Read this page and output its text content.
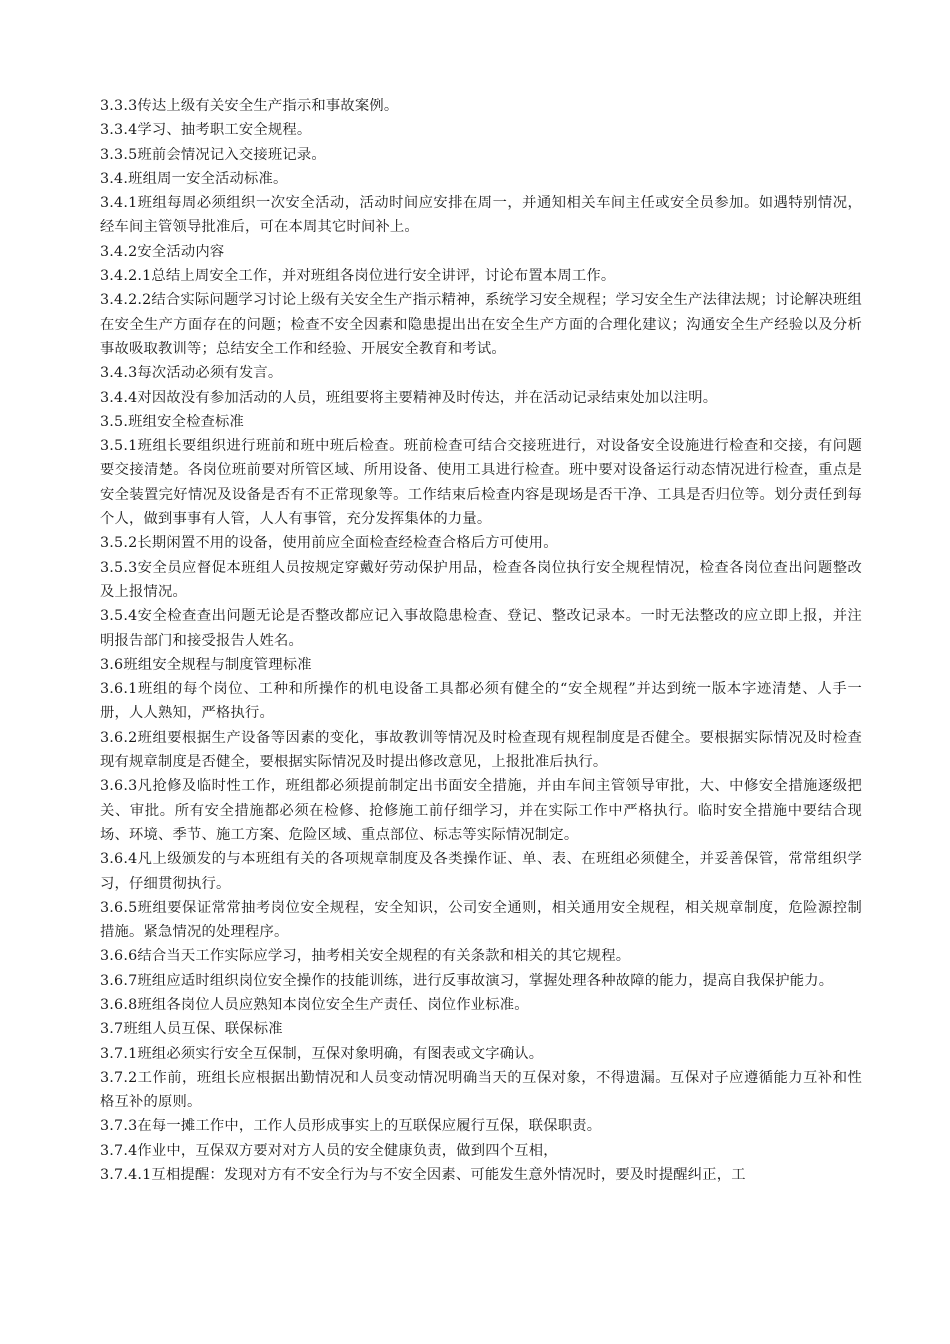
3.3.3传达上级有关安全生产指示和事故案例。

3.3.4学习、抽考职工安全规程。

3.3.5班前会情况记入交接班记录。

3.4.班组周一安全活动标准。

3.4.1班组每周必须组织一次安全活动，活动时间应安排在周一，并通知相关车间主任或安全员参加。如遇特别情况，经车间主管领导批准后，可在本周其它时间补上。

3.4.2安全活动内容

3.4.2.1总结上周安全工作，并对班组各岗位进行安全讲评，讨论布置本周工作。

3.4.2.2结合实际问题学习讨论上级有关安全生产指示精神，系统学习安全规程；学习安全生产法律法规；讨论解决班组在安全生产方面存在的问题；检查不安全因素和隐患提出出在安全生产方面的合理化建议；沟通安全生产经验以及分析事故吸取教训等；总结安全工作和经验、开展安全教育和考试。

3.4.3每次活动必须有发言。

3.4.4对因故没有参加活动的人员，班组要将主要精神及时传达，并在活动记录结束处加以注明。

3.5.班组安全检查标准

3.5.1班组长要组织进行班前和班中班后检查。班前检查可结合交接班进行，对设备安全设施进行检查和交接，有问题要交接清楚。各岗位班前要对所管区域、所用设备、使用工具进行检查。班中要对设备运行动态情况进行检查，重点是安全装置完好情况及设备是否有不正常现象等。工作结束后检查内容是现场是否干净、工具是否归位等。划分责任到每个人，做到事事有人管，人人有事管，充分发挥集体的力量。

3.5.2长期闲置不用的设备，使用前应全面检查经检查合格后方可使用。

3.5.3安全员应督促本班组人员按规定穿戴好劳动保护用品，检查各岗位执行安全规程情况，检查各岗位查出问题整改及上报情况。

3.5.4安全检查查出问题无论是否整改都应记入事故隐患检查、登记、整改记录本。一时无法整改的应立即上报，并注明报告部门和接受报告人姓名。

3.6班组安全规程与制度管理标准

3.6.1班组的每个岗位、工种和所操作的机电设备工具都必须有健全的“安全规程”并达到统一版本字迹清楚、人手一册，人人熟知，严格执行。

3.6.2班组要根据生产设备等因素的变化，事故教训等情况及时检查现有规程制度是否健全。要根据实际情况及时检查现有规章制度是否健全，要根据实际情况及时提出修改意见，上报批准后执行。

3.6.3凡抢修及临时性工作，班组都必须提前制定出书面安全措施，并由车间主管领导审批，大、中修安全措施逐级把关、审批。所有安全措施都必须在检修、抢修施工前仔细学习，并在实际工作中严格执行。临时安全措施中要结合现场、环境、季节、施工方案、危险区域、重点部位、标志等实际情况制定。

3.6.4凡上级颁发的与本班组有关的各项规章制度及各类操作证、单、表、在班组必须健全，并妥善保管，常常组织学习，仔细贯彻执行。

3.6.5班组要保证常常抽考岗位安全规程，安全知识，公司安全通则，相关通用安全规程，相关规章制度，危险源控制措施。紧急情况的处理程序。

3.6.6结合当天工作实际应学习，抽考相关安全规程的有关条款和相关的其它规程。

3.6.7班组应适时组织岗位安全操作的技能训练，进行反事故演习，掌握处理各种故障的能力，提高自我保护能力。

3.6.8班组各岗位人员应熟知本岗位安全生产责任、岗位作业标准。

3.7班组人员互保、联保标准

3.7.1班组必须实行安全互保制，互保对象明确，有图表或文字确认。

3.7.2工作前，班组长应根据出勤情况和人员变动情况明确当天的互保对象，不得遗漏。互保对子应遵循能力互补和性格互补的原则。

3.7.3在每一摊工作中，工作人员形成事实上的互联保应履行互保，联保职责。

3.7.4作业中，互保双方要对对方人员的安全健康负责，做到四个互相，

3.7.4.1互相提醒：发现对方有不安全行为与不安全因素、可能发生意外情况时，要及时提醒纠正，工
